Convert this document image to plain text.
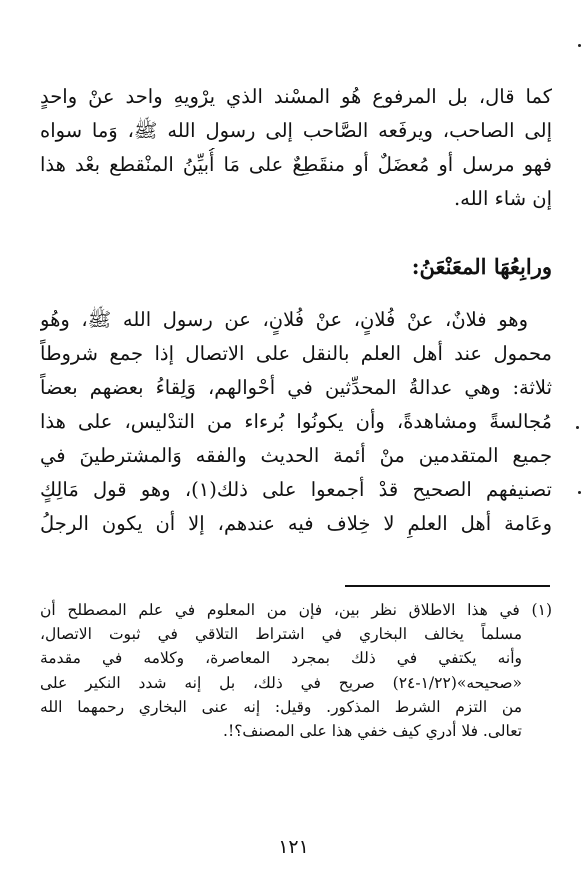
كما قال، بل المرفوع هُو المسْند الذي يرْويهِ واحد عنْ واحدٍ
إلى الصاحب، ويرفَعه الصَّاحب إلى رسول الله ﷺ، وَما سواه
فهو مرسل أو مُعضَلٌ أو منقَطِعٌ على مَا أُبيِّنُ المنْقطع بعْد هذا
إن شاء الله.
ورابِعُهَا المعَنْعَنُ:
وهو فلانٌ، عنْ فُلانٍ، عنْ فُلانٍ، عن رسول الله ﷺ، وهُو
محمول عند أهل العلم بالنقل على الاتصال إذا جمع شروطاً
ثلاثة: وهي عدالةُ المحدِّثين في أحْوالهم، وَلِقاءُ بعضهم بعضاً
مُجالسةً ومشاهدةً، وأن يكونُوا بُرءاء من التدْليس، على هذا
جميع المتقدمين منْ أئمة الحديث والفقه وَالمشترطينَ في
تصنيفهم الصحيح قدْ أجمعوا على ذلك(١)، وهو قول مَالِكٍ
وعَامة أهل العلمِ لا خِلاف فيه عندهم، إلا أن يكون الرجلُ
(١) في هذا الاطلاق نظر بين، فإن من المعلوم في علم المصطلح أن
مسلماً يخالف البخاري في اشتراط التلاقي في ثبوت الاتصال،
وأنه يكتفي في ذلك بمجرد المعاصرة، وكلامه في مقدمة
«صحيحه»(١/٢٢-٢٤) صريح في ذلك، بل إنه شدد النكير على
من التزم الشرط المذكور. وقيل: إنه عنى البخاري رحمهما الله
تعالى. فلا أدري كيف خفي هذا على المصنف؟!.
١٢١
